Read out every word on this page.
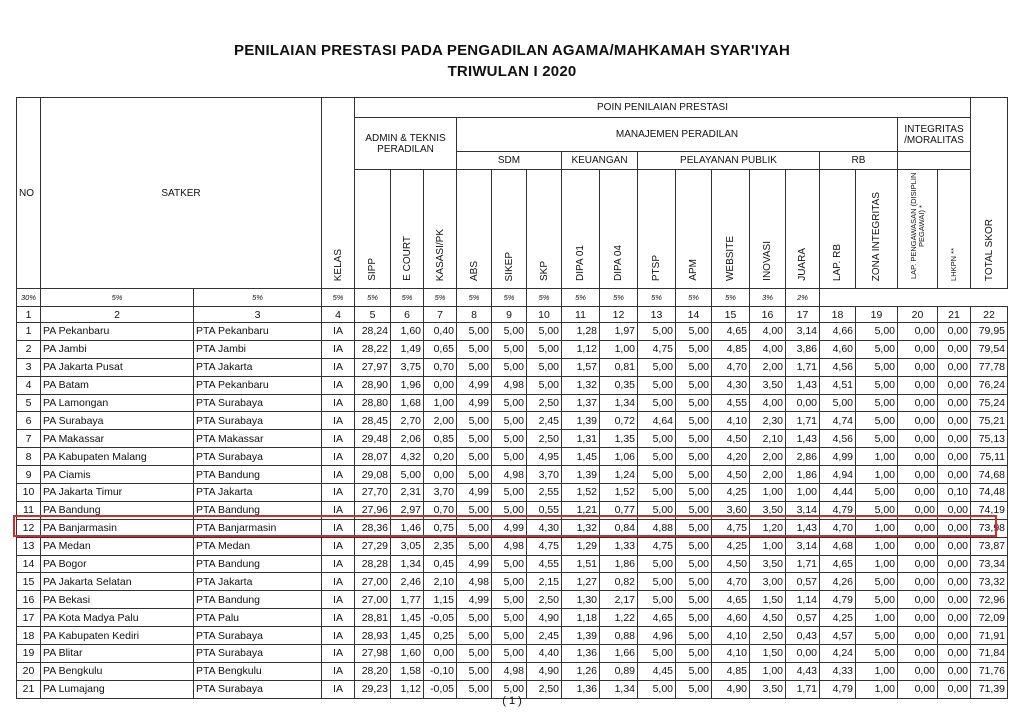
PENILAIAN PRESTASI PADA PENGADILAN AGAMA/MAHKAMAH SYAR'IYAH
TRIWULAN I 2020
NO	SATKER		KELAS	POIN PENILAIAN PRESTASI																	TOTAL SKOR
				ADMIN & TEKNIS PERADILAN			MANAJEMEN PERADILAN												INTEGRITAS /MORALITAS		
							SDM			KEUANGAN		PELAYANAN PUBLIK					RB				
				SIPP	E COURT	KASASI/PK	ABS	SIKEP	SKP	DIPA 01	DIPA 04	PTSP	APM	WEBSITE	INOVASI	JUARA	LAP. RB	ZONA INTEGRITAS	LAP. PENGAWASAN (DISIPLIN PEGAWAI) *	LHKPN **	
30%	5%	5%	5%	5%	5%	5%	5%	5%	5%	5%	5%	5%	5%	5%	3%	2%					
1	2	3	4	5	6	7	8	9	10	11	12	13	14	15	16	17	18	19	20	21	22
1	PA Pekanbaru	PTA Pekanbaru	IA	28,24	1,60	0,40	5,00	5,00	5,00	1,28	1,97	5,00	5,00	4,65	4,00	3,14	4,66	5,00	0,00	0,00	79,95
2	PA Jambi	PTA Jambi	IA	28,22	1,49	0,65	5,00	5,00	5,00	1,12	1,00	4,75	5,00	4,85	4,00	3,86	4,60	5,00	0,00	0,00	79,54
3	PA Jakarta Pusat	PTA Jakarta	IA	27,97	3,75	0,70	5,00	5,00	5,00	1,57	0,81	5,00	5,00	4,70	2,00	1,71	4,56	5,00	0,00	0,00	77,78
4	PA Batam	PTA Pekanbaru	IA	28,90	1,96	0,00	4,99	4,98	5,00	1,32	0,35	5,00	5,00	4,30	3,50	1,43	4,51	5,00	0,00	0,00	76,24
5	PA Lamongan	PTA Surabaya	IA	28,80	1,68	1,00	4,99	5,00	2,50	1,37	1,34	5,00	5,00	4,55	4,00	0,00	5,00	5,00	0,00	0,00	75,24
6	PA Surabaya	PTA Surabaya	IA	28,45	2,70	2,00	5,00	5,00	2,45	1,39	0,72	4,64	5,00	4,10	2,30	1,71	4,74	5,00	0,00	0,00	75,21
7	PA Makassar	PTA Makassar	IA	29,48	2,06	0,85	5,00	5,00	2,50	1,31	1,35	5,00	5,00	4,50	2,10	1,43	4,56	5,00	0,00	0,00	75,13
8	PA Kabupaten Malang	PTA Surabaya	IA	28,07	4,32	0,20	5,00	5,00	4,95	1,45	1,06	5,00	5,00	4,20	2,00	2,86	4,99	1,00	0,00	0,00	75,11
9	PA Ciamis	PTA Bandung	IA	29,08	5,00	0,00	5,00	4,98	3,70	1,39	1,24	5,00	5,00	4,50	2,00	1,86	4,94	1,00	0,00	0,00	74,68
10	PA Jakarta Timur	PTA Jakarta	IA	27,70	2,31	3,70	4,99	5,00	2,55	1,52	1,52	5,00	5,00	4,25	1,00	1,00	4,44	5,00	0,00	0,10	74,48
11	PA Bandung	PTA Bandung	IA	27,96	2,97	0,70	5,00	5,00	0,55	1,21	0,77	5,00	5,00	3,60	3,50	3,14	4,79	5,00	0,00	0,00	74,19
12	PA Banjarmasin	PTA Banjarmasin	IA	28,36	1,46	0,75	5,00	4,99	4,30	1,32	0,84	4,88	5,00	4,75	1,20	1,43	4,70	1,00	0,00	0,00	73,98
13	PA Medan	PTA Medan	IA	27,29	3,05	2,35	5,00	4,98	4,75	1,29	1,33	4,75	5,00	4,25	1,00	3,14	4,68	1,00	0,00	0,00	73,87
14	PA Bogor	PTA Bandung	IA	28,28	1,34	0,45	4,99	5,00	4,55	1,51	1,86	5,00	5,00	4,50	3,50	1,71	4,65	1,00	0,00	0,00	73,34
15	PA Jakarta Selatan	PTA Jakarta	IA	27,00	2,46	2,10	4,98	5,00	2,15	1,27	0,82	5,00	5,00	4,70	3,00	0,57	4,26	5,00	0,00	0,00	73,32
16	PA Bekasi	PTA Bandung	IA	27,00	1,77	1,15	4,99	5,00	2,50	1,30	2,17	5,00	5,00	4,65	1,50	1,14	4,79	5,00	0,00	0,00	72,96
17	PA Kota Madya Palu	PTA Palu	IA	28,81	1,45	-0,05	5,00	5,00	4,90	1,18	1,22	4,65	5,00	4,60	4,50	0,57	4,25	1,00	0,00	0,00	72,09
18	PA Kabupaten Kediri	PTA Surabaya	IA	28,93	1,45	0,25	5,00	5,00	2,45	1,39	0,88	4,96	5,00	4,10	2,50	0,43	4,57	5,00	0,00	0,00	71,91
19	PA Blitar	PTA Surabaya	IA	27,98	1,60	0,00	5,00	5,00	4,40	1,36	1,66	5,00	5,00	4,10	1,50	0,00	4,24	5,00	0,00	0,00	71,84
20	PA Bengkulu	PTA Bengkulu	IA	28,20	1,58	-0,10	5,00	4,98	4,90	1,26	0,89	4,45	5,00	4,85	1,00	4,43	4,33	1,00	0,00	0,00	71,76
21	PA Lumajang	PTA Surabaya	IA	29,23	1,12	-0,05	5,00	5,00	2,50	1,36	1,34	5,00	5,00	4,90	3,50	1,71	4,79	1,00	0,00	0,00	71,39
( 1 )
